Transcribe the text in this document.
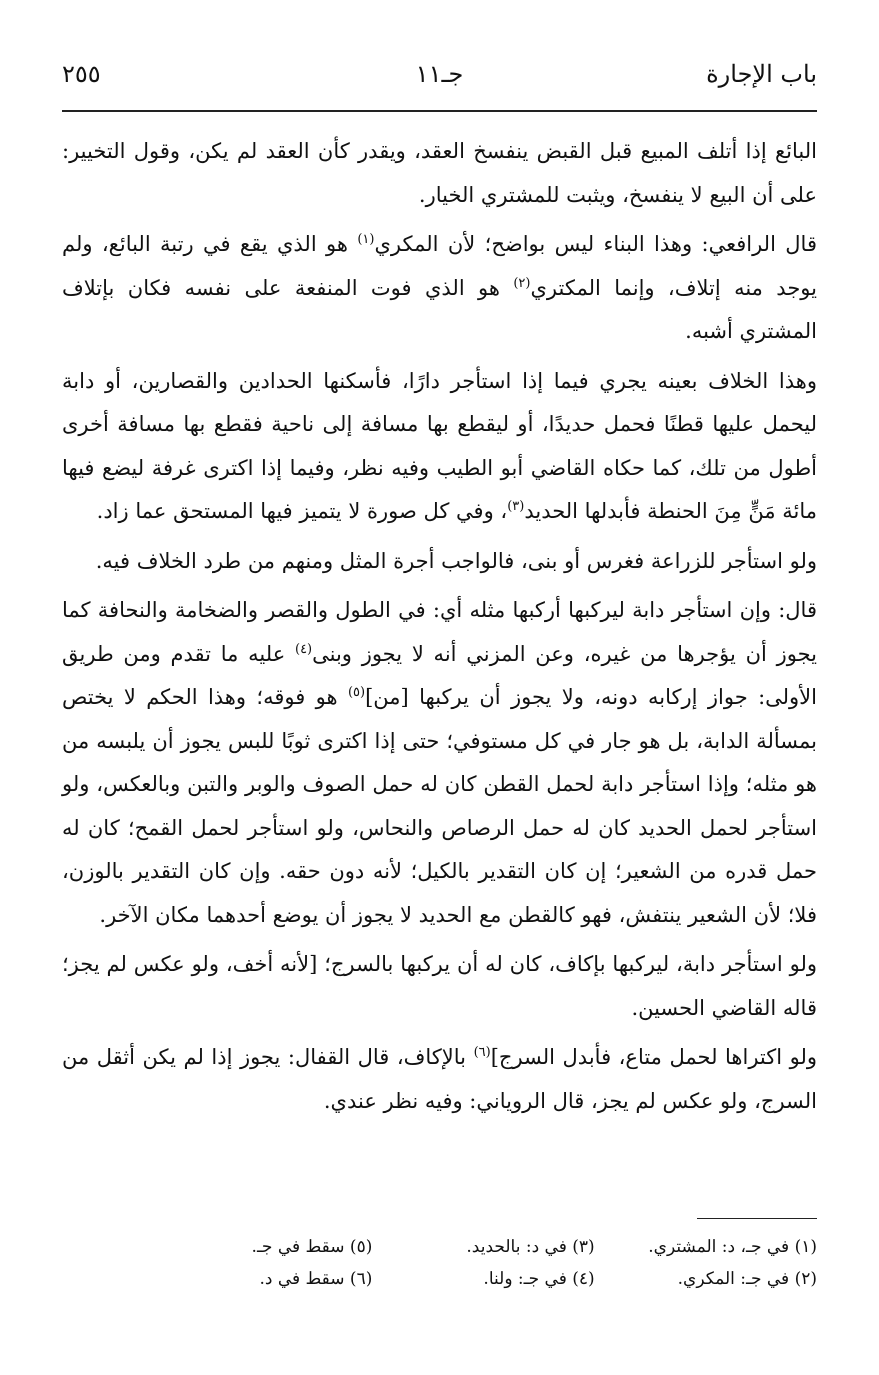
باب الإجارة
جـ١١
٢٥٥

البائع إذا أتلف المبيع قبل القبض ينفسخ العقد، ويقدر كأن العقد لم يكن، وقول التخيير: على أن البيع لا ينفسخ، ويثبت للمشتري الخيار.

قال الرافعي: وهذا البناء ليس بواضح؛ لأن المكري$^{(١)}$ هو الذي يقع في رتبة البائع، ولم يوجد منه إتلاف، وإنما المكتري$^{(٢)}$ هو الذي فوت المنفعة على نفسه فكان بإتلاف المشتري أشبه.

وهذا الخلاف بعينه يجري فيما إذا استأجر دارًا، فأسكنها الحدادين والقصارين، أو دابة ليحمل عليها قطنًا فحمل حديدًا، أو ليقطع بها مسافة إلى ناحية فقطع بها مسافة أخرى أطول من تلك، كما حكاه القاضي أبو الطيب وفيه نظر، وفيما إذا اكترى غرفة ليضع فيها مائة مَنٍّ مِنَ الحنطة فأبدلها الحديد$^{(٣)}$، وفي كل صورة لا يتميز فيها المستحق عما زاد.

ولو استأجر للزراعة فغرس أو بنى، فالواجب أجرة المثل ومنهم من طرد الخلاف فيه.

قال: وإن استأجر دابة ليركبها أركبها مثله أي: في الطول والقصر والضخامة والنحافة كما يجوز أن يؤجرها من غيره، وعن المزني أنه لا يجوز وبنى$^{(٤)}$ عليه ما تقدم ومن طريق الأولى: جواز إركابه دونه، ولا يجوز أن يركبها [من]$^{(٥)}$ هو فوقه؛ وهذا الحكم لا يختص بمسألة الدابة، بل هو جار في كل مستوفي؛ حتى إذا اكترى ثوبًا للبس يجوز أن يلبسه من هو مثله؛ وإذا استأجر دابة لحمل القطن كان له حمل الصوف والوبر والتبن وبالعكس، ولو استأجر لحمل الحديد كان له حمل الرصاص والنحاس، ولو استأجر لحمل القمح؛ كان له حمل قدره من الشعير؛ إن كان التقدير بالكيل؛ لأنه دون حقه. وإن كان التقدير بالوزن، فلا؛ لأن الشعير ينتفش، فهو كالقطن مع الحديد لا يجوز أن يوضع أحدهما مكان الآخر.

ولو استأجر دابة، ليركبها بإكاف، كان له أن يركبها بالسرج؛ [لأنه أخف، ولو عكس لم يجز؛ قاله القاضي الحسين.

ولو اكتراها لحمل متاع، فأبدل السرج]$^{(٦)}$ بالإكاف، قال القفال: يجوز إذا لم يكن أثقل من السرج، ولو عكس لم يجز، قال الروياني: وفيه نظر عندي.

(١) في جـ، د: المشتري.
(٣) في د: بالحديد.
(٥) سقط في جـ.
(٢) في جـ: المكري.
(٤) في جـ: ولنا.
(٦) سقط في د.
